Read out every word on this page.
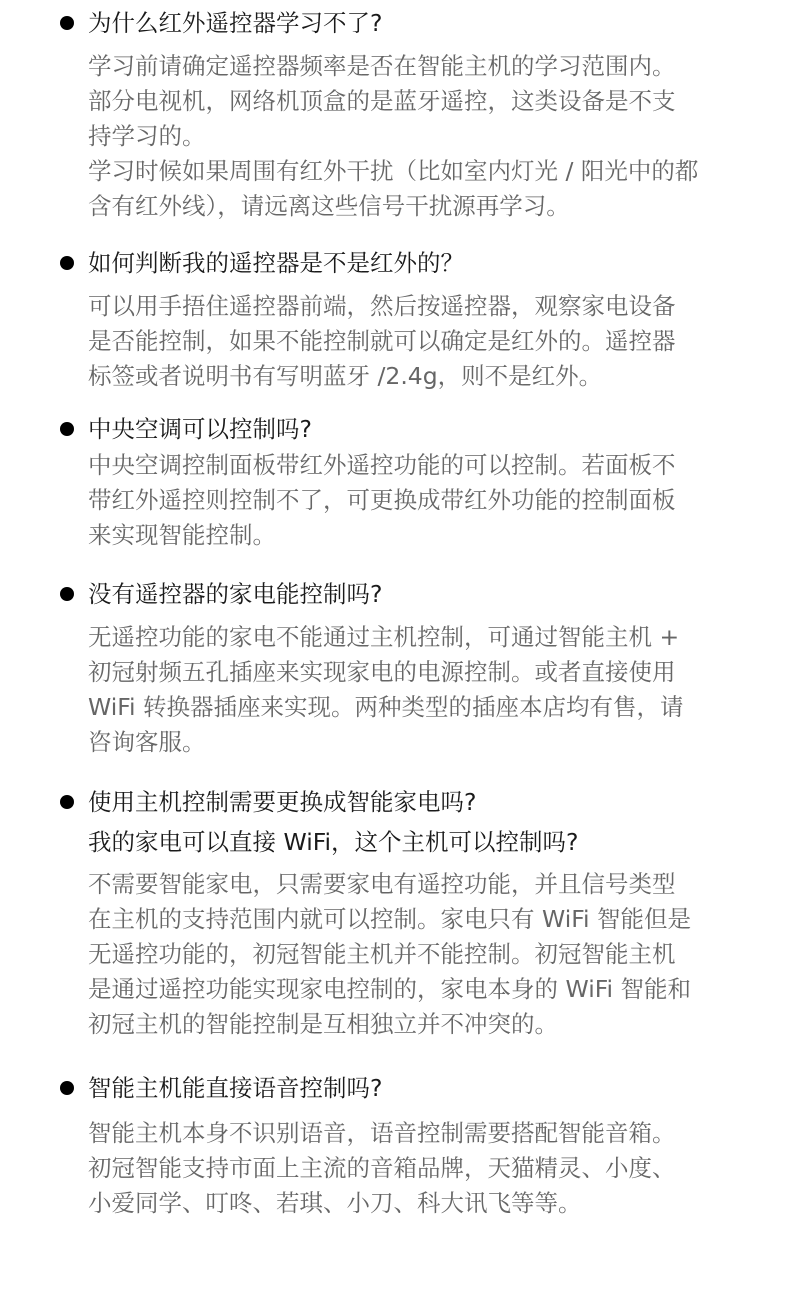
为什么红外遥控器学习不了?
学习前请确定遥控器频率是否在智能主机的学习范围内。
部分电视机，网络机顶盒的是蓝牙遥控，这类设备是不支
持学习的。
学习时候如果周围有红外干扰（比如室内灯光 / 阳光中的都
含有红外线），请远离这些信号干扰源再学习。
如何判断我的遥控器是不是红外的？
可以用手捂住遥控器前端，然后按遥控器，观察家电设备
是否能控制，如果不能控制就可以确定是红外的。遥控器
标签或者说明书有写明蓝牙 /2.4g，则不是红外。
中央空调可以控制吗?
中央空调控制面板带红外遥控功能的可以控制。若面板不
带红外遥控则控制不了，可更换成带红外功能的控制面板
来实现智能控制。
没有遥控器的家电能控制吗?
无遥控功能的家电不能通过主机控制，可通过智能主机 +
初冠射频五孔插座来实现家电的电源控制。或者直接使用
WiFi 转换器插座来实现。两种类型的插座本店均有售，请
咨询客服。
使用主机控制需要更换成智能家电吗?
我的家电可以直接 WiFi，这个主机可以控制吗?
不需要智能家电，只需要家电有遥控功能，并且信号类型
在主机的支持范围内就可以控制。家电只有 WiFi 智能但是
无遥控功能的，初冠智能主机并不能控制。初冠智能主机
是通过遥控功能实现家电控制的，家电本身的 WiFi 智能和
初冠主机的智能控制是互相独立并不冲突的。
智能主机能直接语音控制吗?
智能主机本身不识别语音，语音控制需要搭配智能音箱。
初冠智能支持市面上主流的音箱品牌，天猫精灵、小度、
小爱同学、叮咚、若琪、小刀、科大讯飞等等。
